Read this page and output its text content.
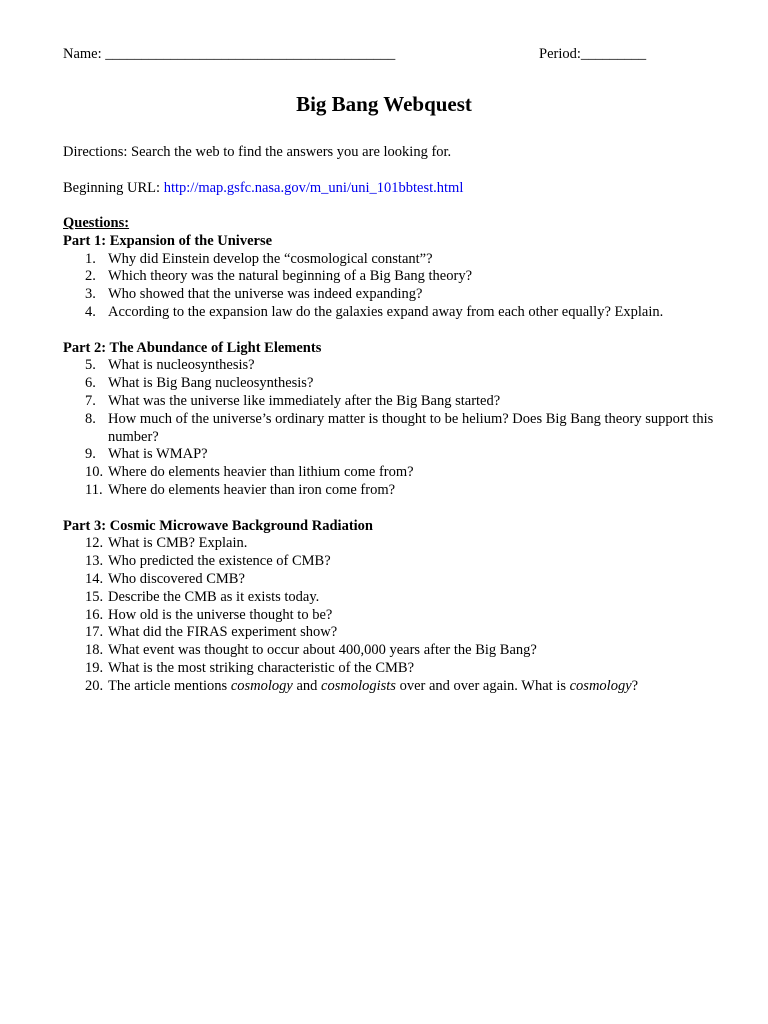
Name: ________________________________________	Period:_________
Big Bang Webquest
Directions: Search the web to find the answers you are looking for.
Beginning URL: http://map.gsfc.nasa.gov/m_uni/uni_101bbtest.html
Questions:
Part 1: Expansion of the Universe
1. Why did Einstein develop the “cosmological constant”?
2. Which theory was the natural beginning of a Big Bang theory?
3. Who showed that the universe was indeed expanding?
4. According to the expansion law do the galaxies expand away from each other equally? Explain.
Part 2: The Abundance of Light Elements
5. What is nucleosynthesis?
6. What is Big Bang nucleosynthesis?
7. What was the universe like immediately after the Big Bang started?
8. How much of the universe’s ordinary matter is thought to be helium? Does Big Bang theory support this number?
9. What is WMAP?
10. Where do elements heavier than lithium come from?
11. Where do elements heavier than iron come from?
Part 3: Cosmic Microwave Background Radiation
12. What is CMB? Explain.
13. Who predicted the existence of CMB?
14. Who discovered CMB?
15. Describe the CMB as it exists today.
16. How old is the universe thought to be?
17. What did the FIRAS experiment show?
18. What event was thought to occur about 400,000 years after the Big Bang?
19. What is the most striking characteristic of the CMB?
20. The article mentions cosmology and cosmologists over and over again. What is cosmology?
